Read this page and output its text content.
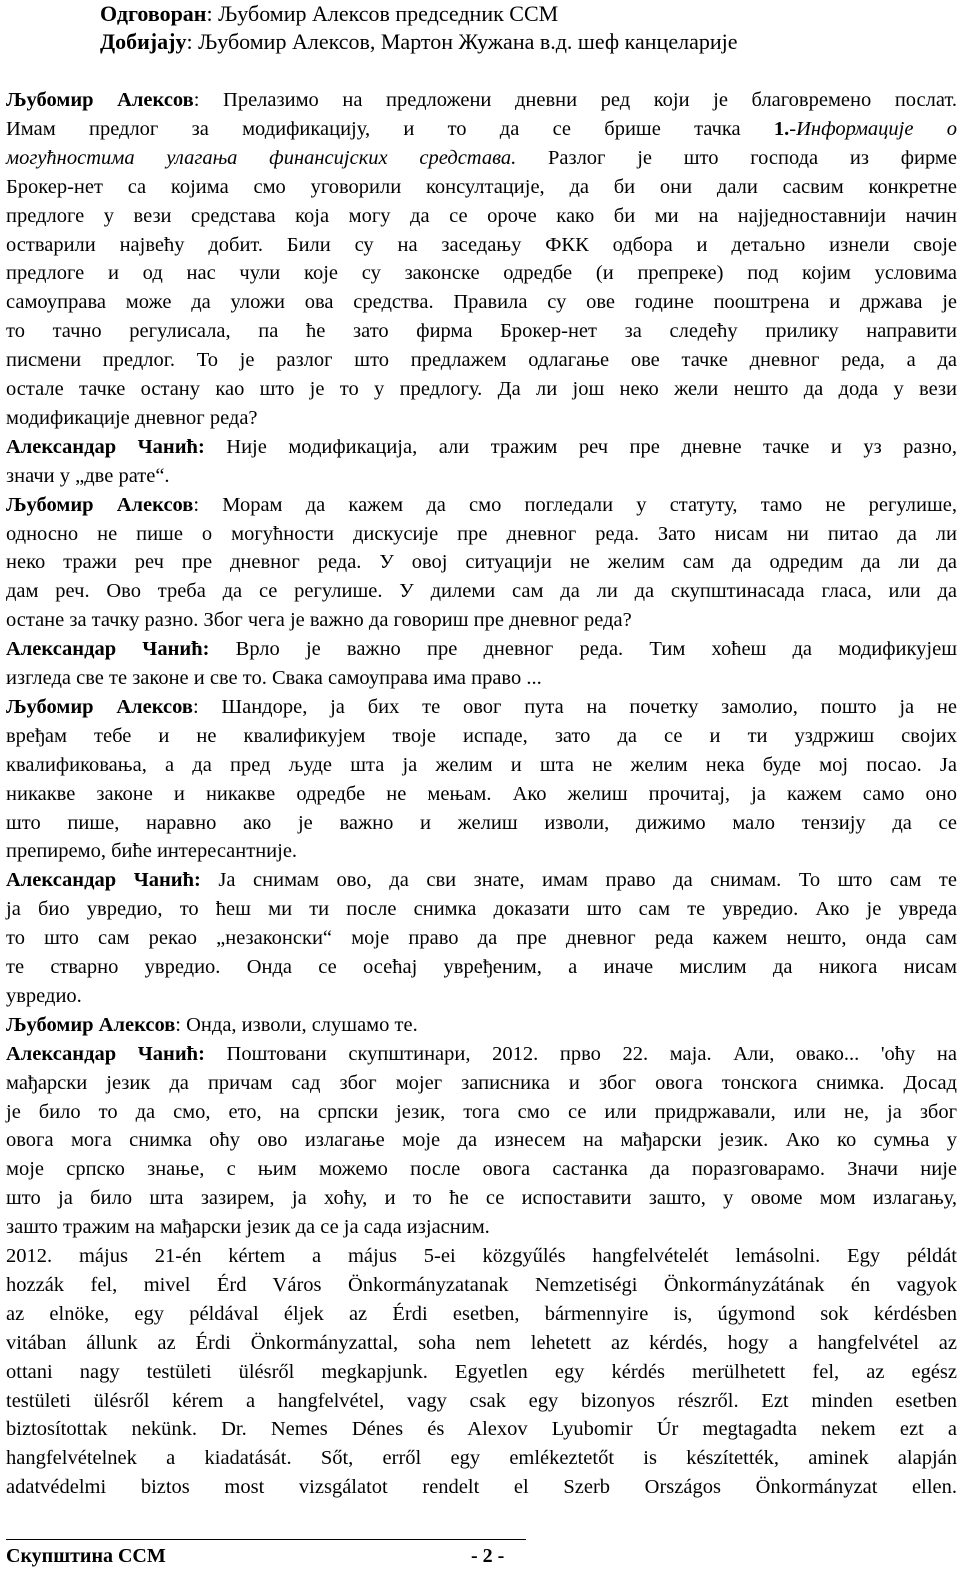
Одговоран: Љубомир Алексов председник ССМ
Добијају: Љубомир Алексов, Мартон Жужана в.д. шеф канцеларије
Љубомир Алексов: Прелазимо на предложени дневни ред који је благовремено послат.
Имам предлог за модификацију, и то да се брише тачка 1.-Информације о
могућностима улагања финансијских средстава. Разлог је што господа из фирме
Брокер-нет са којима смо уговорили консултације, да би они дали сасвим конкретне
предлоге у вези средстава која могу да се ороче како би ми на најједноставнији начин
остварили највећу добит. Били су на заседању ФКК одбора и детаљно изнели своје
предлоге и од нас чули које су законске одредбе (и препреке) под којим условима
самоуправа може да уложи ова средства. Правила су ове године пооштрена и држава је
то тачно регулисала, па ће зато фирма Брокер-нет за следећу прилику направити
писмени предлог. То је разлог што предлажем одлагање ове тачке дневног реда, а да
остале тачке остану као што је то у предлогу. Да ли још неко жели нешто да дода у вези
модификације дневног реда?
Александар Чанић: Није модификација, али тражим реч пре дневне тачке и уз разно,
значи у „две рате“.
Љубомир Алексов: Морам да кажем да смо погледали у статуту, тамо не регулише,
односно не пише о могућности дискусије пре дневног реда. Зато нисам ни питао да ли
неко тражи реч пре дневног реда. У овој ситуацији не желим сам да одредим да ли да
дам реч. Ово треба да се регулише. У дилеми сам да ли да скупштинасада гласа, или да
остане за тачку разно. Због чега је важно да говориш пре дневног реда?
Александар Чанић: Врло је важно пре дневног реда. Тим хоћеш да модификујеш
изгледа све те законе и све то. Свака самоуправа има право ...
Љубомир Алексов: Шандоре, ја бих те овог пута на почетку замолио, пошто ја не
вређам тебе и не квалификујем твоје испаде, зато да се и ти уздржиш својих
квалификовања, а да пред људе шта ја желим и шта не желим нека буде мој посао. Ја
никакве законе и никакве одредбе не мењам. Ако желиш прочитај, ја кажем само оно
што пише, наравно ако је важно и желиш изволи, дижимо мало тензију да се
препиремо, биће интересантније.
Александар Чанић: Ја снимам ово, да сви знате, имам право да снимам. То што сам те
ја био увредио, то ћеш ми ти после снимка доказати што сам те увредио. Ако је увреда
то што сам рекао „незаконски“ моје право да пре дневног реда кажем нешто, онда сам
те стварно увредио. Онда се осећај увређеним, а иначе мислим да никога нисам
увредио.
Љубомир Алексов: Онда, изволи, слушамо те.
Александар Чанић: Поштовани скупштинари, 2012. прво 22. маја. Али, овако... 'оћу на
мађарски језик да причам сад због мојег записника и због овога тонскога снимка. Досад
је било то да смо, ето, на српски језик, тога смо се или придржавали, или не, ја због
овога мога снимка оћу ово излагање моје да изнесем на мађарски језик. Ако ко сумња у
моје српско знање, с њим можемо после овога састанка да поразговарамо. Значи није
што ја било шта зазирем, ја хоћу, и то ће се испоставити зашто, у овоме мом излагању,
зашто тражим на мађарски језик да се ја сада изјасним.
2012. május 21-én kértem a május 5-ei közgyűlés hangfelvételét lemásolni. Egy példát
hozzák fel, mivel Érd Város Önkormányzatanak Nemzetiségi Önkormányzátának én vagyok
az elnöke, egy példával éljek az Érdi esetben, bármennyire is, úgymond sok kérdésben
vitában állunk az Érdi Önkormányzattal, soha nem lehetett az kérdés, hogy a hangfelvétel az
ottani nagy testületi ülésről megkapjunk. Egyetlen egy kérdés merülhetett fel, az egész
testületi ülésről kérem a hangfelvétel, vagy csak egy bizonyos részről. Ezt minden esetben
biztosítottak nekünk. Dr. Nemes Dénes és Alexov Lyubomir Úr megtagadta nekem ezt a
hangfelvételnek a kiadatását. Sőt, erről egy emlékeztetőt is készítették, aminek alapján
adatvédelmi biztos most vizsgálatot rendelt el Szerb Országos Önkormányzat ellen.
Скупштина ССМ	- 2 -
